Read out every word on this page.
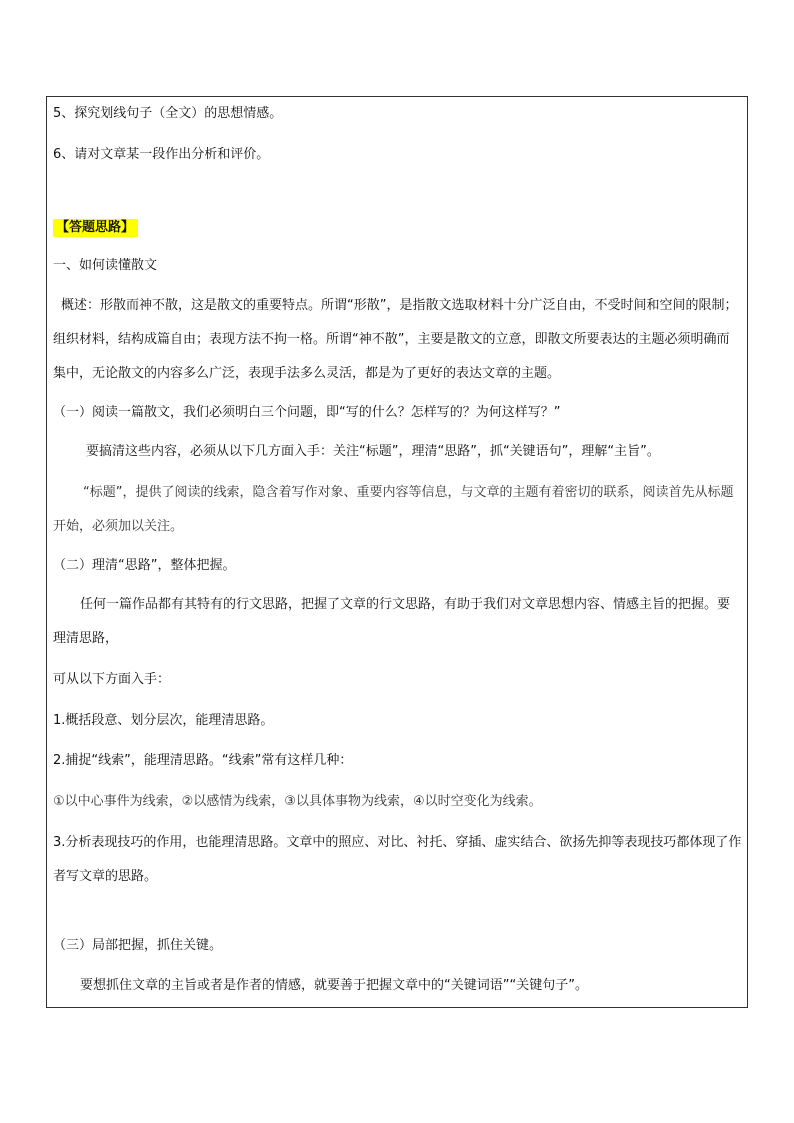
5、探究划线句子（全文）的思想情感。
6、请对文章某一段作出分析和评价。
【答题思路】
一、如何读懂散文
概述：形散而神不散，这是散文的重要特点。所谓“形散”，是指散文选取材料十分广泛自由，不受时间和空间的限制；组织材料，结构成篇自由；表现方法不拘一格。所谓“神不散”，主要是散文的立意，即散文所要表达的主题必须明确而集中，无论散文的内容多么广泛，表现手法多么灵活，都是为了更好的表达文章的主题。
（一）阅读一篇散文，我们必须明白三个问题，即“写的什么？怎样写的？为何这样写？”
要搞清这些内容，必须从以下几方面入手：关注“标题”，理清“思路”，抓“关键语句”，理解“主旨”。
“标题”，提供了阅读的线索，隐含着写作对象、重要内容等信息，与文章的主题有着密切的联系，阅读首先从标题开始，必须加以关注。
（二）理清“思路”，整体把握。
任何一篇作品都有其特有的行文思路，把握了文章的行文思路，有助于我们对文章思想内容、情感主旨的把握。要理清思路，
可从以下方面入手：
1.概括段意、划分层次，能理清思路。
2.捕捉“线索”，能理清思路。“线索”常有这样几种：
①以中心事件为线索，②以感情为线索，③以具体事物为线索，④以时空变化为线索。
3.分析表现技巧的作用，也能理清思路。文章中的照应、对比、衬托、穿插、虚实结合、欲扬先抑等表现技巧都体现了作者写文章的思路。
（三）局部把握，抓住关键。
要想抓住文章的主旨或者是作者的情感，就要善于把握文章中的“关键词语”“关键句子”。
